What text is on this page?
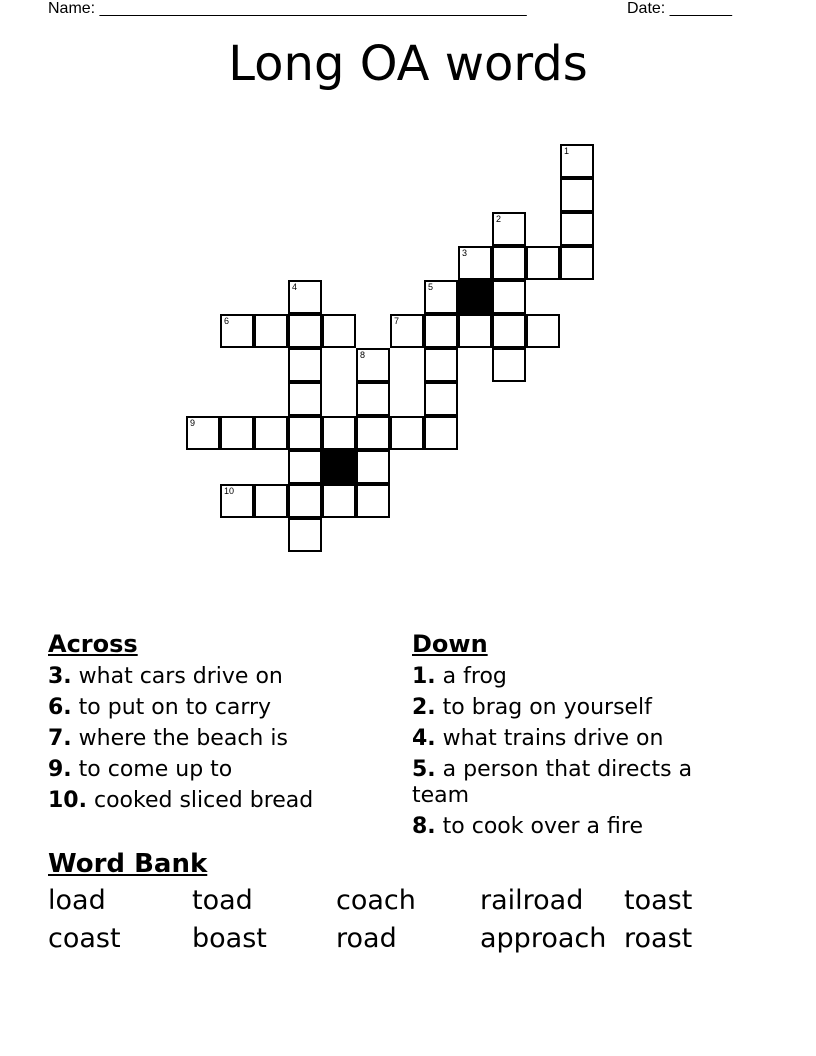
Name: ________________________________________________	Date: _______
Long OA words
1
2
3
4	5
6	7
8
9
10
Across
3. what cars drive on
6. to put on to carry
7. where the beach is
9. to come up to
10. cooked sliced bread
Down
1. a frog
2. to brag on yourself
4. what trains drive on
5. a person that directs a team
8. to cook over a fire
Word Bank
load	toad	coach	railroad	toast
coast	boast	road	approach roast
